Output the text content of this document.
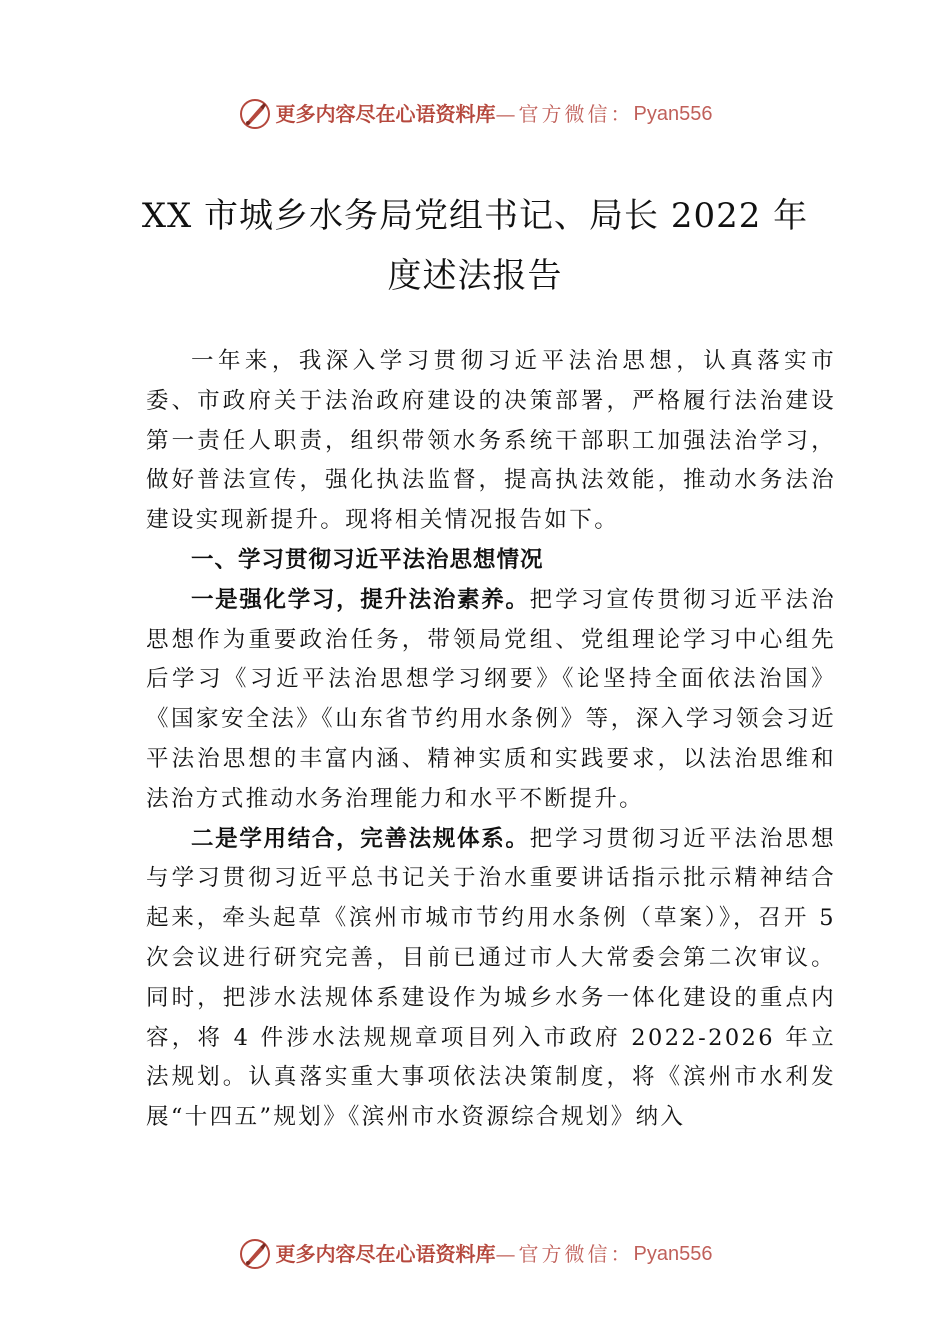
更多内容尽在心语资料库 —官方微信： Pyan556
XX 市城乡水务局党组书记、局长 2022 年
度述法报告

一年来，我深入学习贯彻习近平法治思想，认真落实市委、市政府关于法治政府建设的决策部署，严格履行法治建设第一责任人职责，组织带领水务系统干部职工加强法治学习，做好普法宣传，强化执法监督，提高执法效能，推动水务法治建设实现新提升。现将相关情况报告如下。

一、学习贯彻习近平法治思想情况

一是强化学习，提升法治素养。把学习宣传贯彻习近平法治思想作为重要政治任务，带领局党组、党组理论学习中心组先后学习《习近平法治思想学习纲要》《论坚持全面依法治国》《国家安全法》《山东省节约用水条例》等，深入学习领会习近平法治思想的丰富内涵、精神实质和实践要求，以法治思维和法治方式推动水务治理能力和水平不断提升。

二是学用结合，完善法规体系。把学习贯彻习近平法治思想与学习贯彻习近平总书记关于治水重要讲话指示批示精神结合起来，牵头起草《滨州市城市节约用水条例（草案）》，召开 5 次会议进行研究完善，目前已通过市人大常委会第二次审议。同时，把涉水法规体系建设作为城乡水务一体化建设的重点内容，将 4 件涉水法规规章项目列入市政府 2022-2026 年立法规划。认真落实重大事项依法决策制度，将《滨州市水利发展“十四五”规划》《滨州市水资源综合规划》纳入

更多内容尽在心语资料库 —官方微信： Pyan556
